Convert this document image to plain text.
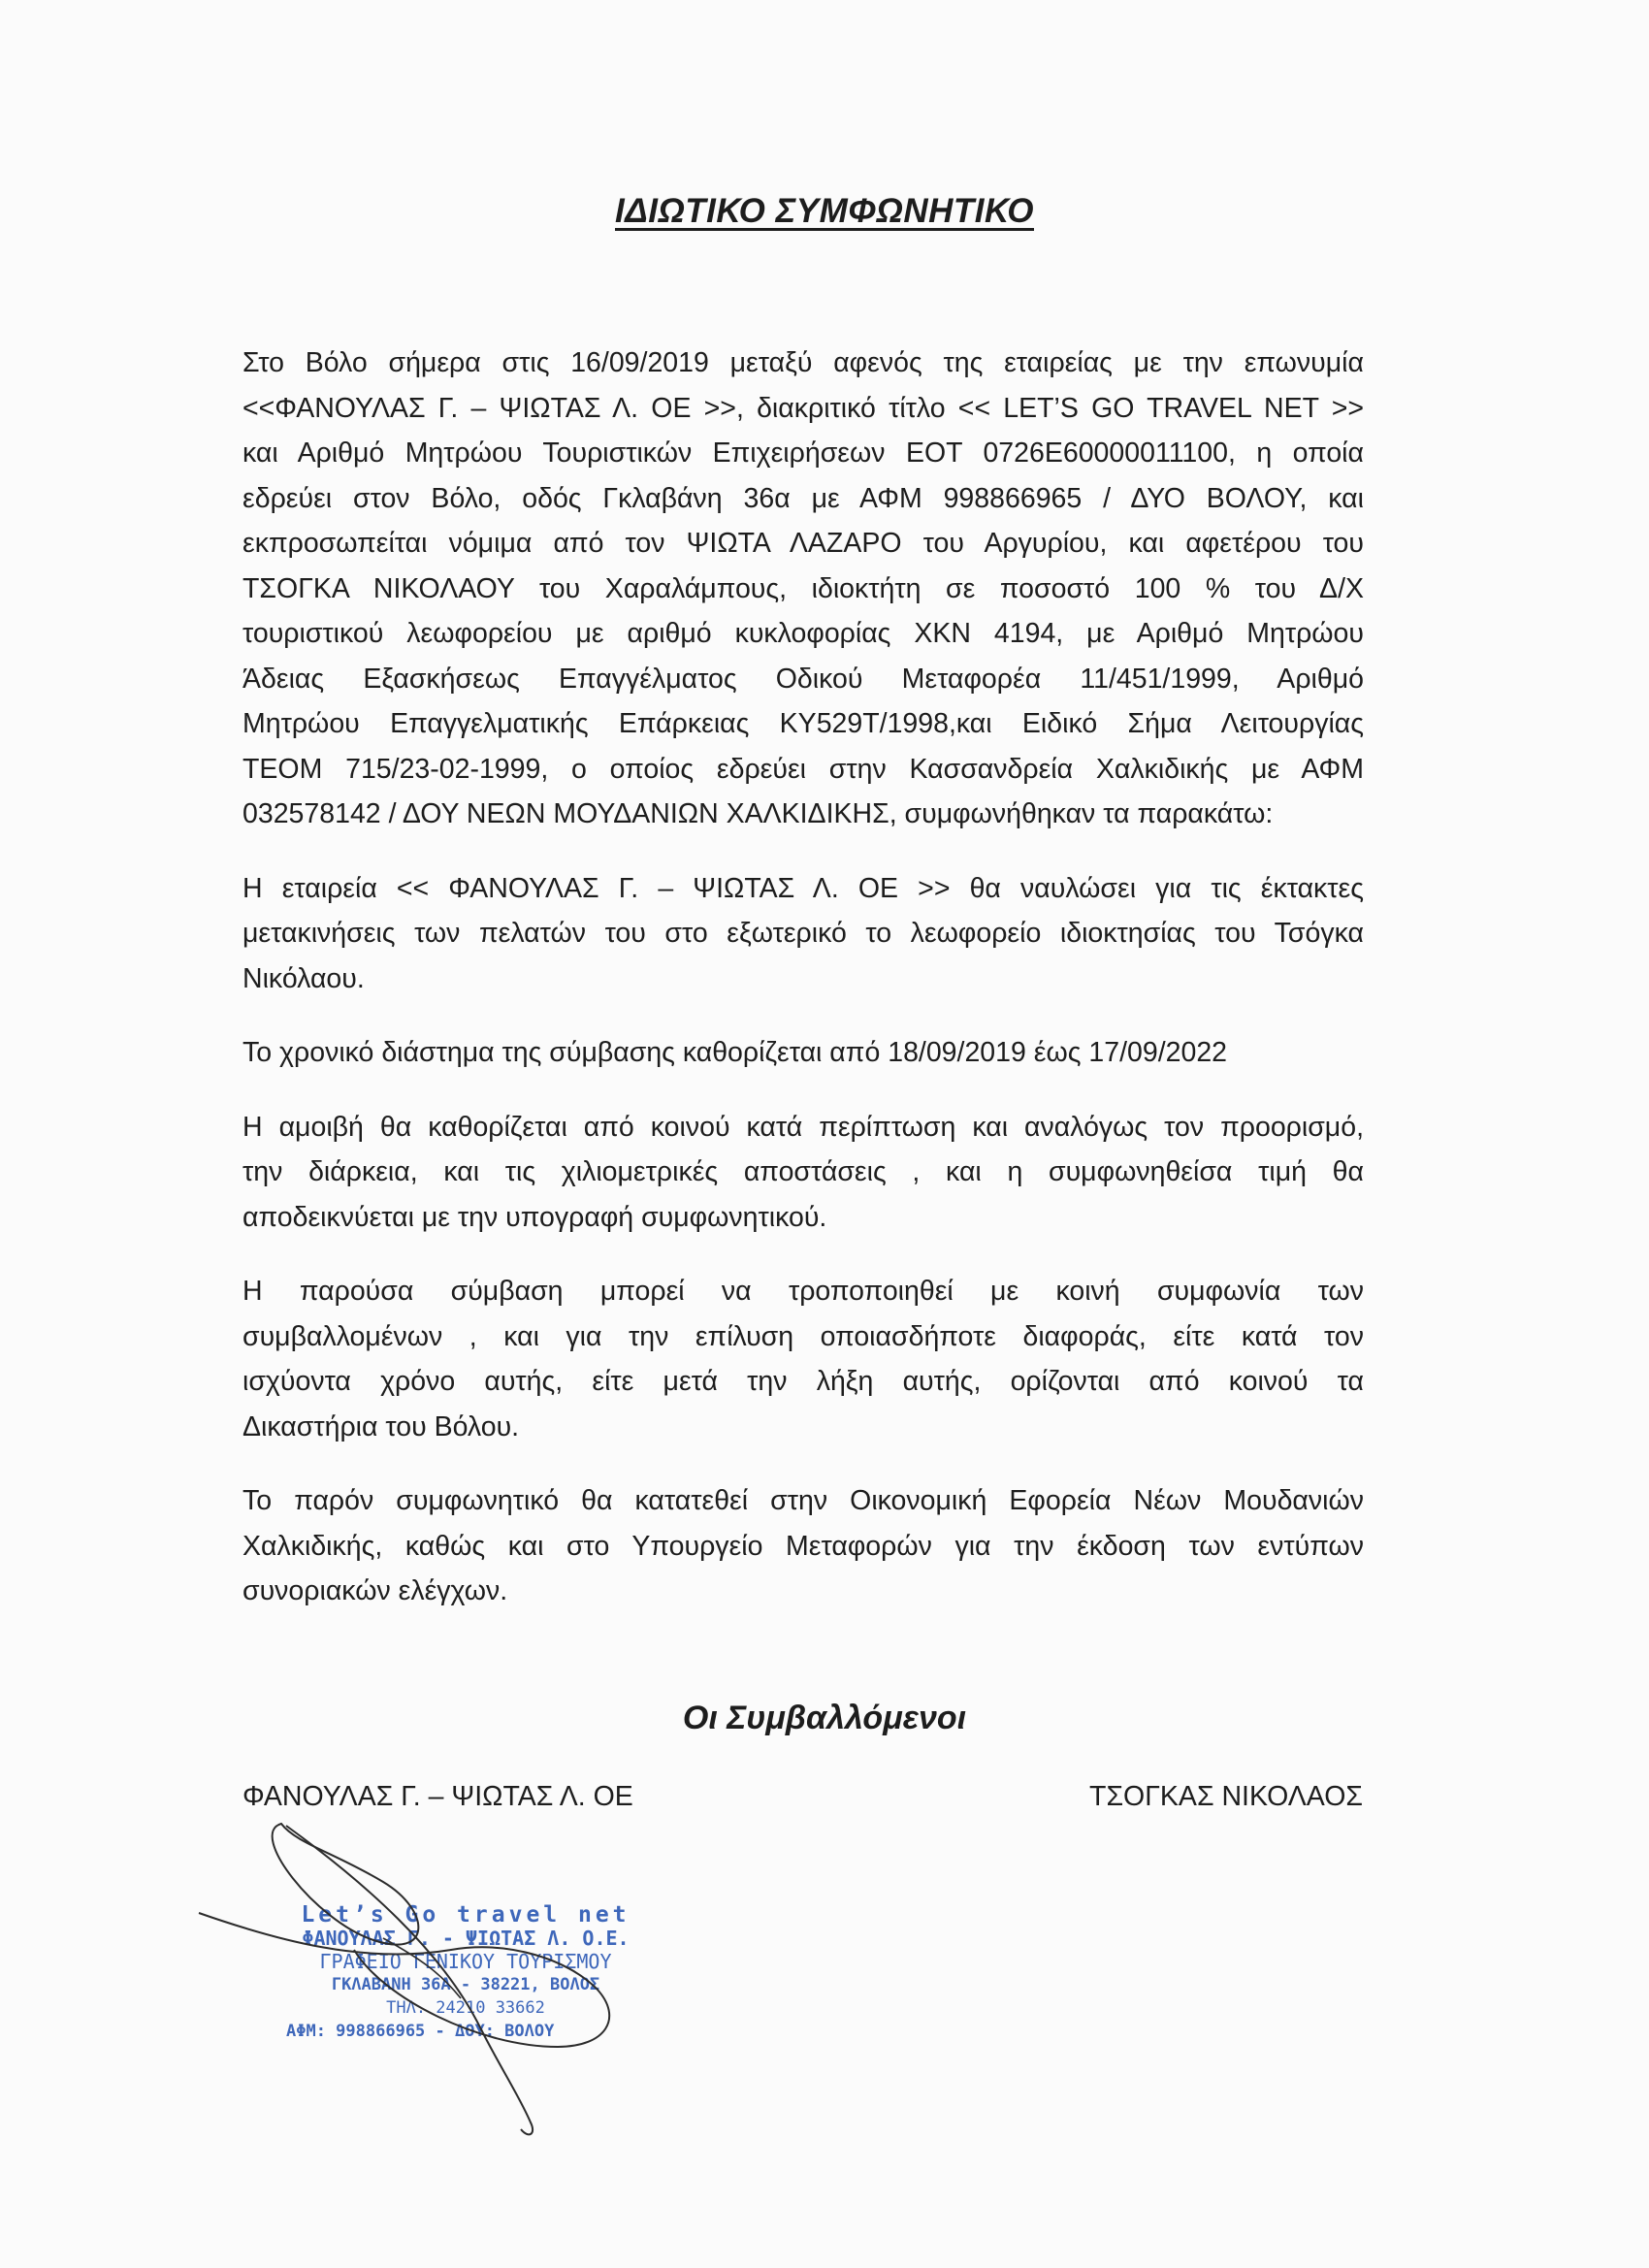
ΙΔΙΩΤΙΚΟ ΣΥΜΦΩΝΗΤΙΚΟ
Στο Βόλο σήμερα στις 16/09/2019 μεταξύ αφενός της εταιρείας με την επωνυμία
<<ΦΑΝΟΥΛΑΣ Γ. – ΨΙΩΤΑΣ Λ. ΟΕ >>, διακριτικό τίτλο << LET’S GO TRAVEL NET >>
και Αριθμό Μητρώου Τουριστικών Επιχειρήσεων ΕΟΤ 0726Ε60000011100, η οποία
εδρεύει στον Βόλο, οδός Γκλαβάνη 36α με ΑΦΜ 998866965 / ΔΥΟ ΒΟΛΟΥ, και
εκπροσωπείται νόμιμα από τον ΨΙΩΤΑ ΛΑΖΑΡΟ του Αργυρίου, και αφετέρου του
ΤΣΟΓΚΑ ΝΙΚΟΛΑΟΥ του Χαραλάμπους, ιδιοκτήτη σε ποσοστό 100 % του Δ/Χ
τουριστικού λεωφορείου με αριθμό κυκλοφορίας ΧΚΝ 4194, με Αριθμό Μητρώου
Άδειας Εξασκήσεως Επαγγέλματος Οδικού Μεταφορέα 11/451/1999, Αριθμό
Μητρώου Επαγγελματικής Επάρκειας ΚΥ529Τ/1998,και Ειδικό Σήμα Λειτουργίας
ΤΕΟΜ 715/23-02-1999, ο οποίος εδρεύει στην Κασσανδρεία Χαλκιδικής με ΑΦΜ
032578142 / ΔΟΥ ΝΕΩΝ ΜΟΥΔΑΝΙΩΝ ΧΑΛΚΙΔΙΚΗΣ, συμφωνήθηκαν τα παρακάτω:
Η εταιρεία << ΦΑΝΟΥΛΑΣ Γ. – ΨΙΩΤΑΣ Λ. ΟΕ >> θα ναυλώσει για τις έκτακτες
μετακινήσεις των πελατών του στο εξωτερικό το λεωφορείο ιδιοκτησίας του Τσόγκα
Νικόλαου.
Το χρονικό διάστημα της σύμβασης καθορίζεται από 18/09/2019 έως 17/09/2022
Η αμοιβή θα καθορίζεται από κοινού κατά περίπτωση και αναλόγως τον προορισμό,
την διάρκεια, και τις χιλιομετρικές αποστάσεις , και η συμφωνηθείσα τιμή θα
αποδεικνύεται με την υπογραφή συμφωνητικού.
Η παρούσα σύμβαση μπορεί να τροποποιηθεί με κοινή συμφωνία των
συμβαλλομένων , και για την επίλυση οποιασδήποτε διαφοράς, είτε κατά τον
ισχύοντα χρόνο αυτής, είτε μετά την λήξη αυτής, ορίζονται από κοινού τα
Δικαστήρια του Βόλου.
Το παρόν συμφωνητικό θα κατατεθεί στην Οικονομική Εφορεία Νέων Μουδανιών
Χαλκιδικής, καθώς και στο Υπουργείο Μεταφορών για την έκδοση των εντύπων
συνοριακών ελέγχων.
Οι Συμβαλλόμενοι
ΦΑΝΟΥΛΑΣ Γ. – ΨΙΩΤΑΣ Λ. ΟΕ	ΤΣΟΓΚΑΣ ΝΙΚΟΛΑΟΣ
Let’s Go travel net
ΦΑΝΟΥΛΑΣ Γ. - ΨΙΩΤΑΣ Λ. Ο.Ε.
ΓΡΑΦΕΙΟ ΓΕΝΙΚΟΥ ΤΟΥΡΙΣΜΟΥ
ΓΚΛΑΒΑΝΗ 36Α - 38221, ΒΟΛΟΣ
ΤΗΛ. 24210 33662
ΑΦΜ: 998866965 - ΔΟΥ: ΒΟΛΟΥ
